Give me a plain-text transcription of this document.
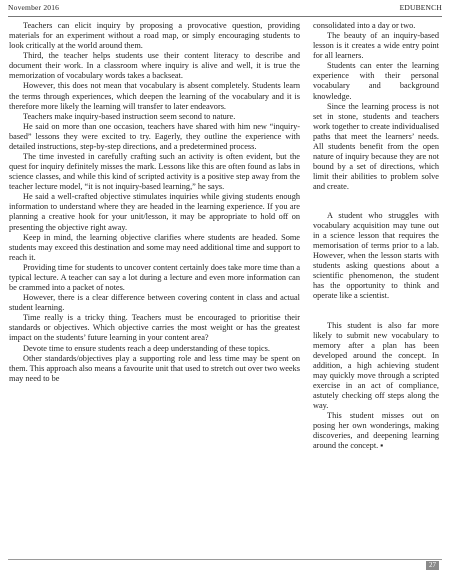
November 2016	EDUBENCH

Teachers can elicit inquiry by proposing a provocative question, providing materials for an experiment without a road map, or simply encouraging students to look critically at the world around them.

Third, the teacher helps students use their content literacy to describe and document their work. In a classroom where inquiry is alive and well, it is true the memorization of vocabulary words takes a backseat.

However, this does not mean that vocabulary is absent completely. Students learn the terms through experiences, which deepen the learning of the vocabulary and it is therefore more likely the learning will transfer to later endeavors.

Teachers make inquiry-based instruction seem second to nature.

He said on more than one occasion, teachers have shared with him new “inquiry-based” lessons they were excited to try. Eagerly, they outline the experience with detailed instructions, step-by-step directions, and a predetermined process.

The time invested in carefully crafting such an activity is often evident, but the quest for inquiry definitely misses the mark. Lessons like this are often found as labs in science classes, and while this kind of scripted activity is a positive step away from the teacher lecture model, “it is not inquiry-based learning,” he says.

He said a well-crafted objective stimulates inquiries while giving students enough information to understand where they are headed in the learning experience. If you are planning a creative hook for your unit/lesson, it may be appropriate to hold off on presenting the objective right away.

Keep in mind, the learning objective clarifies where students are headed. Some students may exceed this destination and some may need additional time and support to reach it.

Providing time for students to uncover content certainly does take more time than a typical lecture. A teacher can say a lot during a lecture and even more information can be crammed into a packet of notes.

However, there is a clear difference between covering content in class and actual student learning.

Time really is a tricky thing. Teachers must be encouraged to prioritise their standards or objectives. Which objective carries the most weight or has the greatest impact on the students’ future learning in your content area?

Devote time to ensure students reach a deep understanding of these topics.

Other standards/objectives play a supporting role and less time may be spent on them. This approach also means a favourite unit that used to stretch out over two weeks may need to be

consolidated into a day or two.

The beauty of an inquiry-based lesson is it creates a wide entry point for all learners.

Students can enter the learning experience with their personal vocabulary and background knowledge.

Since the learning process is not set in stone, students and teachers work together to create individualised paths that meet the learners’ needs. All students benefit from the open nature of inquiry because they are not bound by a set of directions, which limit their abilities to problem solve and create.

A student who struggles with vocabulary acquisition may tune out in a science lesson that requires the memorisation of terms prior to a lab. However, when the lesson starts with students asking questions about a scientific phenomenon, the student has the opportunity to think and operate like a scientist.

This student is also far more likely to submit new vocabulary to memory after a plan has been developed around the concept. In addition, a high achieving student may quickly move through a scripted exercise in an act of compliance, astutely checking off steps along the way.

This student misses out on posing her own wonderings, making discoveries, and deepening learning around the concept. ▪

27
